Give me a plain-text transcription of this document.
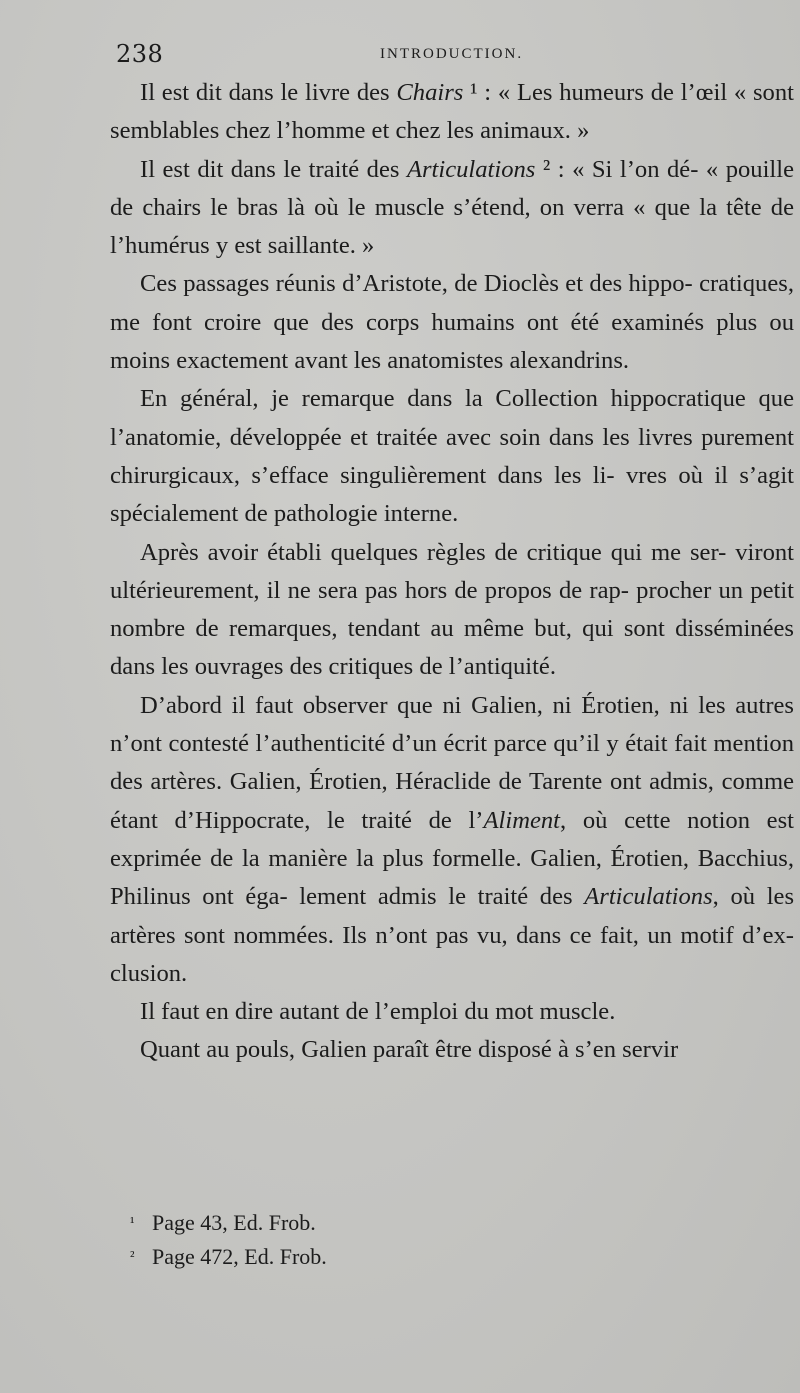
238	INTRODUCTION.

Il est dit dans le livre des Chairs ¹ : « Les humeurs de l’œil « sont semblables chez l’homme et chez les animaux. »

Il est dit dans le traité des Articulations ² : « Si l’on dé- « pouille de chairs le bras là où le muscle s’étend, on verra « que la tête de l’humérus y est saillante. »

Ces passages réunis d’Aristote, de Dioclès et des hippo- cratiques, me font croire que des corps humains ont été examinés plus ou moins exactement avant les anatomistes alexandrins.

En général, je remarque dans la Collection hippocratique que l’anatomie, développée et traitée avec soin dans les livres purement chirurgicaux, s’efface singulièrement dans les li- vres où il s’agit spécialement de pathologie interne.

Après avoir établi quelques règles de critique qui me ser- viront ultérieurement, il ne sera pas hors de propos de rap- procher un petit nombre de remarques, tendant au même but, qui sont disséminées dans les ouvrages des critiques de l’antiquité.

D’abord il faut observer que ni Galien, ni Érotien, ni les autres n’ont contesté l’authenticité d’un écrit parce qu’il y était fait mention des artères. Galien, Érotien, Héraclide de Tarente ont admis, comme étant d’Hippocrate, le traité de l’Aliment, où cette notion est exprimée de la manière la plus formelle. Galien, Érotien, Bacchius, Philinus ont éga- lement admis le traité des Articulations, où les artères sont nommées. Ils n’ont pas vu, dans ce fait, un motif d’ex- clusion.

Il faut en dire autant de l’emploi du mot muscle.

Quant au pouls, Galien paraît être disposé à s’en servir

¹ Page 43, Ed. Frob.
² Page 472, Ed. Frob.
